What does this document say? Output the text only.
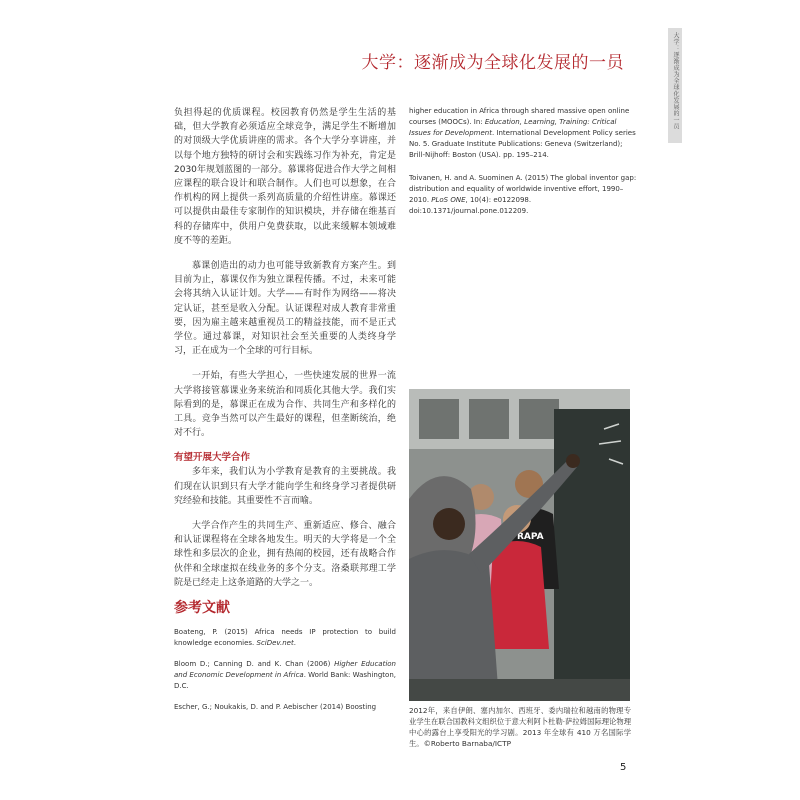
大学：逐渐成为全球化发展的一员
大学：逐渐成为全球化发展的一员

负担得起的优质课程。校园教育仍然是学生生活的基础，但大学教育必须适应全球竞争，满足学生不断增加的对顶级大学优质讲座的需求。各个大学分享讲座，并以每个地方独特的研讨会和实践练习作为补充，肯定是2030年规划蓝图的一部分。慕课将促进合作大学之间相应课程的联合设计和联合制作。人们也可以想象，在合作机构的网上提供一系列高质量的介绍性讲座。慕课还可以提供由最佳专家制作的知识模块，并存储在维基百科的存储库中，供用户免费获取，以此来缓解本领域难度不等的差距。

慕课创造出的动力也可能导致新教育方案产生。到目前为止，慕课仅作为独立课程传播。不过，未来可能会将其纳入认证计划。大学——有时作为网络——将决定认证，甚至是收入分配。认证课程对成人教育非常重要，因为雇主越来越重视员工的精益技能，而不是正式学位。通过慕课，对知识社会至关重要的人类终身学习，正在成为一个全球的可行目标。

一开始，有些大学担心，一些快速发展的世界一流大学将接管慕课业务来统治和同质化其他大学。我们实际看到的是，慕课正在成为合作、共同生产和多样化的工具。竞争当然可以产生最好的课程，但垄断统治，绝对不行。

有望开展大学合作

多年来，我们认为小学教育是教育的主要挑战。我们现在认识到只有大学才能向学生和终身学习者提供研究经验和技能。其重要性不言而喻。

大学合作产生的共同生产、重新适应、修合、融合和认证课程将在全球各地发生。明天的大学将是一个全球性和多层次的企业，拥有热闹的校园，还有战略合作伙伴和全球虚拟在线业务的多个分支。洛桑联邦理工学院是已经走上这条道路的大学之一。

参考文献
Boateng, P. (2015) Africa needs IP protection to build knowledge economies. SciDev.net.
Bloom D.; Canning D. and K. Chan (2006) Higher Education and Economic Development in Africa. World Bank: Washington, D.C.
Escher, G.; Noukakis, D. and P. Aebischer (2014) Boosting
higher education in Africa through shared massive open online courses (MOOCs). In: Education, Learning, Training: Critical Issues for Development. International Development Policy series No. 5. Graduate Institute Publications: Geneva (Switzerland); Brill-Nijhoff: Boston (USA). pp. 195–214.
Toivanen, H. and A. Suominen A. (2015) The global inventor gap: distribution and equality of worldwide inventive effort, 1990–2010. PLoS ONE, 10(4): e0122098. doi:10.1371/journal.pone.012209.
RAPA
2012年，来自伊朗、塞内加尔、西班牙、委内瑞拉和越南的物理专业学生在联合国教科文组织位于意大利阿卜杜勒·萨拉姆国际理论物理中心的露台上享受阳光的学习剧。2013 年全球有 410 万名国际学生。©Roberto Barnaba/ICTP
5
